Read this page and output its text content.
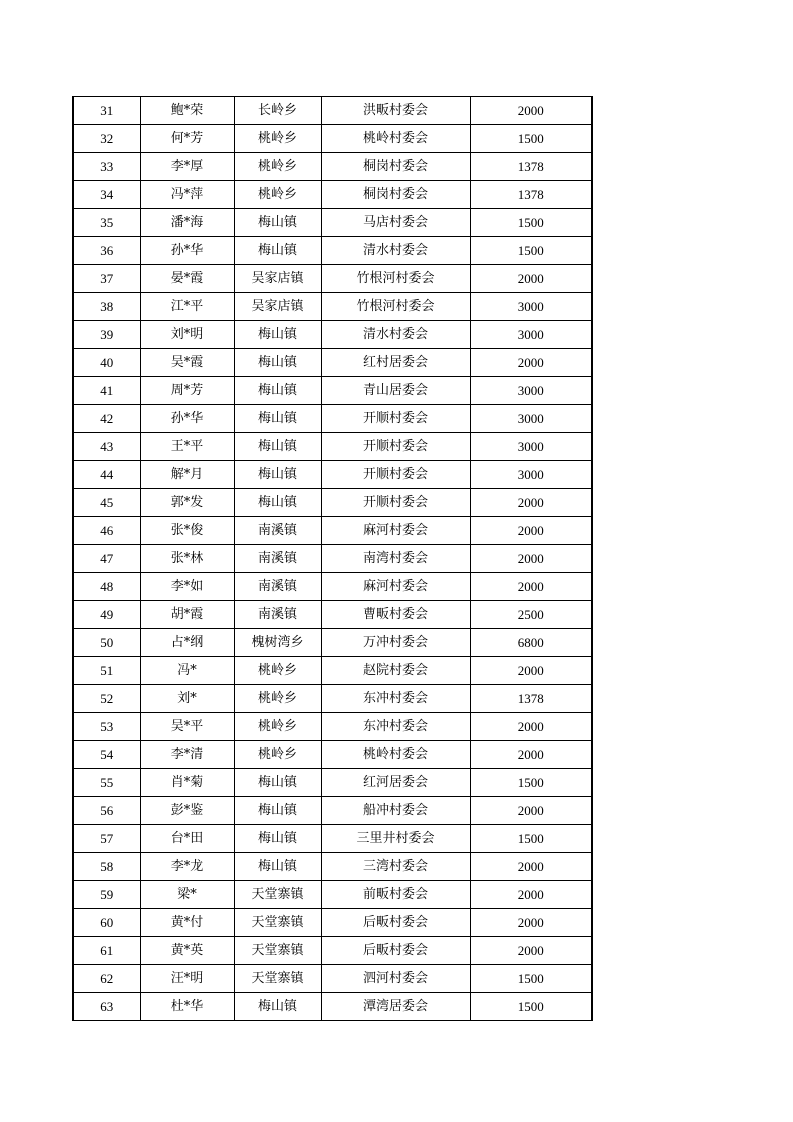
31	鲍*荣	长岭乡	洪畈村委会	2000
32	何*芳	桃岭乡	桃岭村委会	1500
33	李*厚	桃岭乡	桐岗村委会	1378
34	冯*萍	桃岭乡	桐岗村委会	1378
35	潘*海	梅山镇	马店村委会	1500
36	孙*华	梅山镇	清水村委会	1500
37	晏*霞	吴家店镇	竹根河村委会	2000
38	江*平	吴家店镇	竹根河村委会	3000
39	刘*明	梅山镇	清水村委会	3000
40	吴*霞	梅山镇	红村居委会	2000
41	周*芳	梅山镇	青山居委会	3000
42	孙*华	梅山镇	开顺村委会	3000
43	王*平	梅山镇	开顺村委会	3000
44	解*月	梅山镇	开顺村委会	3000
45	郭*发	梅山镇	开顺村委会	2000
46	张*俊	南溪镇	麻河村委会	2000
47	张*林	南溪镇	南湾村委会	2000
48	李*如	南溪镇	麻河村委会	2000
49	胡*霞	南溪镇	曹畈村委会	2500
50	占*纲	槐树湾乡	万冲村委会	6800
51	冯*	桃岭乡	赵院村委会	2000
52	刘*	桃岭乡	东冲村委会	1378
53	吴*平	桃岭乡	东冲村委会	2000
54	李*清	桃岭乡	桃岭村委会	2000
55	肖*菊	梅山镇	红河居委会	1500
56	彭*鉴	梅山镇	船冲村委会	2000
57	台*田	梅山镇	三里井村委会	1500
58	李*龙	梅山镇	三湾村委会	2000
59	梁*	天堂寨镇	前畈村委会	2000
60	黄*付	天堂寨镇	后畈村委会	2000
61	黄*英	天堂寨镇	后畈村委会	2000
62	汪*明	天堂寨镇	泗河村委会	1500
63	杜*华	梅山镇	潭湾居委会	1500
